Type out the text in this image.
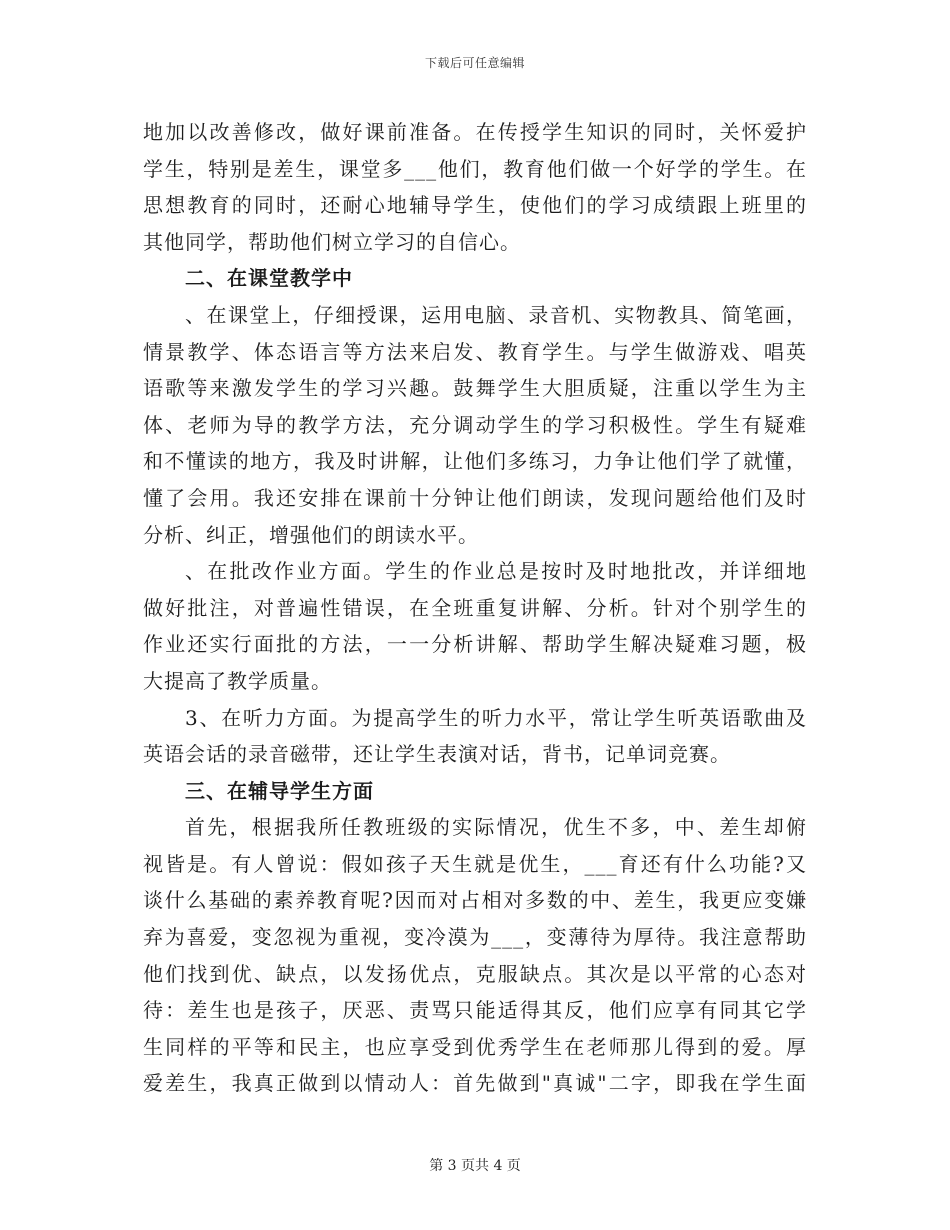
下载后可任意编辑
地加以改善修改，做好课前准备。在传授学生知识的同时，关怀爱护
学生，特别是差生，课堂多___他们，教育他们做一个好学的学生。在
思想教育的同时，还耐心地辅导学生，使他们的学习成绩跟上班里的
其他同学，帮助他们树立学习的自信心。
二、在课堂教学中
、在课堂上，仔细授课，运用电脑、录音机、实物教具、简笔画，
情景教学、体态语言等方法来启发、教育学生。与学生做游戏、唱英
语歌等来激发学生的学习兴趣。鼓舞学生大胆质疑，注重以学生为主
体、老师为导的教学方法，充分调动学生的学习积极性。学生有疑难
和不懂读的地方，我及时讲解，让他们多练习，力争让他们学了就懂，
懂了会用。我还安排在课前十分钟让他们朗读，发现问题给他们及时
分析、纠正，增强他们的朗读水平。
、在批改作业方面。学生的作业总是按时及时地批改，并详细地
做好批注，对普遍性错误，在全班重复讲解、分析。针对个别学生的
作业还实行面批的方法，一一分析讲解、帮助学生解决疑难习题，极
大提高了教学质量。
3、在听力方面。为提高学生的听力水平，常让学生听英语歌曲及
英语会话的录音磁带，还让学生表演对话，背书，记单词竞赛。
三、在辅导学生方面
首先，根据我所任教班级的实际情况，优生不多，中、差生却俯
视皆是。有人曾说：假如孩子天生就是优生，___育还有什么功能?又
谈什么基础的素养教育呢?因而对占相对多数的中、差生，我更应变嫌
弃为喜爱，变忽视为重视，变冷漠为___，变薄待为厚待。我注意帮助
他们找到优、缺点，以发扬优点，克服缺点。其次是以平常的心态对
待：差生也是孩子，厌恶、责骂只能适得其反，他们应享有同其它学
生同样的平等和民主，也应享受到优秀学生在老师那儿得到的爱。厚
爱差生，我真正做到以情动人：首先做到"真诚"二字，即我在学生面
第 3 页共 4 页
